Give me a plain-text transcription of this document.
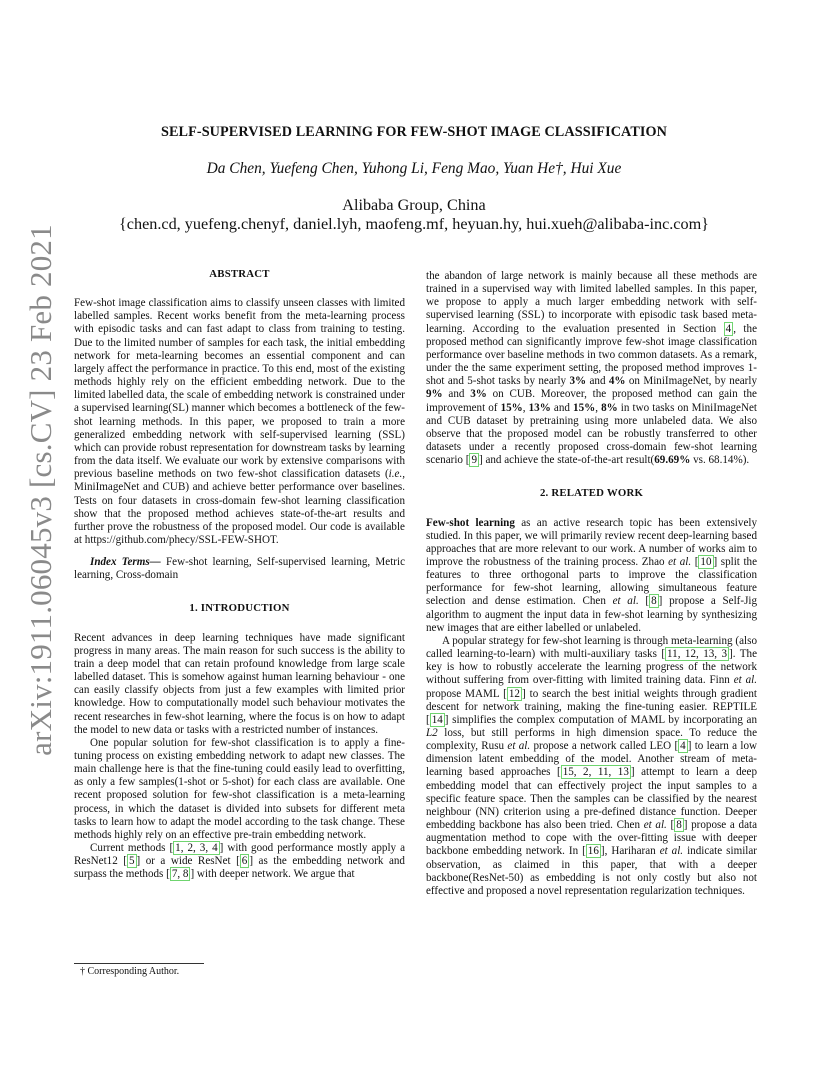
arXiv:1911.06045v3 [cs.CV] 23 Feb 2021
SELF-SUPERVISED LEARNING FOR FEW-SHOT IMAGE CLASSIFICATION
Da Chen, Yuefeng Chen, Yuhong Li, Feng Mao, Yuan He†, Hui Xue
Alibaba Group, China
{chen.cd, yuefeng.chenyf, daniel.lyh, maofeng.mf, heyuan.hy, hui.xueh@alibaba-inc.com}
ABSTRACT

Few-shot image classification aims to classify unseen classes with limited labelled samples. Recent works benefit from the meta-learning process with episodic tasks and can fast adapt to class from training to testing. Due to the limited number of samples for each task, the initial embedding network for meta-learning becomes an essential component and can largely affect the performance in practice. To this end, most of the existing methods highly rely on the efficient embedding network. Due to the limited labelled data, the scale of embedding network is constrained under a supervised learning(SL) manner which becomes a bottleneck of the few-shot learning methods. In this paper, we proposed to train a more generalized embedding network with self-supervised learning (SSL) which can provide robust representation for downstream tasks by learning from the data itself. We evaluate our work by extensive comparisons with previous baseline methods on two few-shot classification datasets (i.e., MiniImageNet and CUB) and achieve better performance over baselines. Tests on four datasets in cross-domain few-shot learning classification show that the proposed method achieves state-of-the-art results and further prove the robustness of the proposed model. Our code is available at https://github.com/phecy/SSL-FEW-SHOT.

Index Terms— Few-shot learning, Self-supervised learning, Metric learning, Cross-domain

1. INTRODUCTION

Recent advances in deep learning techniques have made significant progress in many areas. The main reason for such success is the ability to train a deep model that can retain profound knowledge from large scale labelled dataset. This is somehow against human learning behaviour - one can easily classify objects from just a few examples with limited prior knowledge. How to computationally model such behaviour motivates the recent researches in few-shot learning, where the focus is on how to adapt the model to new data or tasks with a restricted number of instances.

One popular solution for few-shot classification is to apply a fine-tuning process on existing embedding network to adapt new classes. The main challenge here is that the fine-tuning could easily lead to overfitting, as only a few samples(1-shot or 5-shot) for each class are available. One recent proposed solution for few-shot classification is a meta-learning process, in which the dataset is divided into subsets for different meta tasks to learn how to adapt the model according to the task change. These methods highly rely on an effective pre-train embedding network.

Current methods [ 1, 2, 3, 4 ] with good performance mostly apply a ResNet12 [ 5 ] or a wide ResNet [ 6 ] as the embedding network and surpass the methods [ 7, 8 ] with deeper network. We argue that

† Corresponding Author.

the abandon of large network is mainly because all these methods are trained in a supervised way with limited labelled samples. In this paper, we propose to apply a much larger embedding network with self-supervised learning (SSL) to incorporate with episodic task based meta-learning. According to the evaluation presented in Section 4 , the proposed method can significantly improve few-shot image classification performance over baseline methods in two common datasets. As a remark, under the the same experiment setting, the proposed method improves 1-shot and 5-shot tasks by nearly 3% and 4% on MiniImageNet, by nearly 9% and 3% on CUB. Moreover, the proposed method can gain the improvement of 15%, 13% and 15%, 8% in two tasks on MiniImageNet and CUB dataset by pretraining using more unlabeled data. We also observe that the proposed model can be robustly transferred to other datasets under a recently proposed cross-domain few-shot learning scenario [ 9 ] and achieve the state-of-the-art result(69.69% vs. 68.14%).

2. RELATED WORK

Few-shot learning as an active research topic has been extensively studied. In this paper, we will primarily review recent deep-learning based approaches that are more relevant to our work. A number of works aim to improve the robustness of the training process. Zhao et al. [ 10 ] split the features to three orthogonal parts to improve the classification performance for few-shot learning, allowing simultaneous feature selection and dense estimation. Chen et al. [ 8 ] propose a Self-Jig algorithm to augment the input data in few-shot learning by synthesizing new images that are either labelled or unlabeled.

A popular strategy for few-shot learning is through meta-learning (also called learning-to-learn) with multi-auxiliary tasks [ 11, 12, 13, 3 ]. The key is how to robustly accelerate the learning progress of the network without suffering from over-fitting with limited training data. Finn et al. propose MAML [ 12 ] to search the best initial weights through gradient descent for network training, making the fine-tuning easier. REPTILE [ 14 ] simplifies the complex computation of MAML by incorporating an L2 loss, but still performs in high dimension space. To reduce the complexity, Rusu et al. propose a network called LEO [ 4 ] to learn a low dimension latent embedding of the model. Another stream of meta-learning based approaches [ 15, 2, 11, 13 ] attempt to learn a deep embedding model that can effectively project the input samples to a specific feature space. Then the samples can be classified by the nearest neighbour (NN) criterion using a pre-defined distance function. Deeper embedding backbone has also been tried. Chen et al. [ 8 ] propose a data augmentation method to cope with the over-fitting issue with deeper backbone embedding network. In [ 16 ], Hariharan et al. indicate similar observation, as claimed in this paper, that with a deeper backbone(ResNet-50) as embedding is not only costly but also not effective and proposed a novel representation regularization techniques.
